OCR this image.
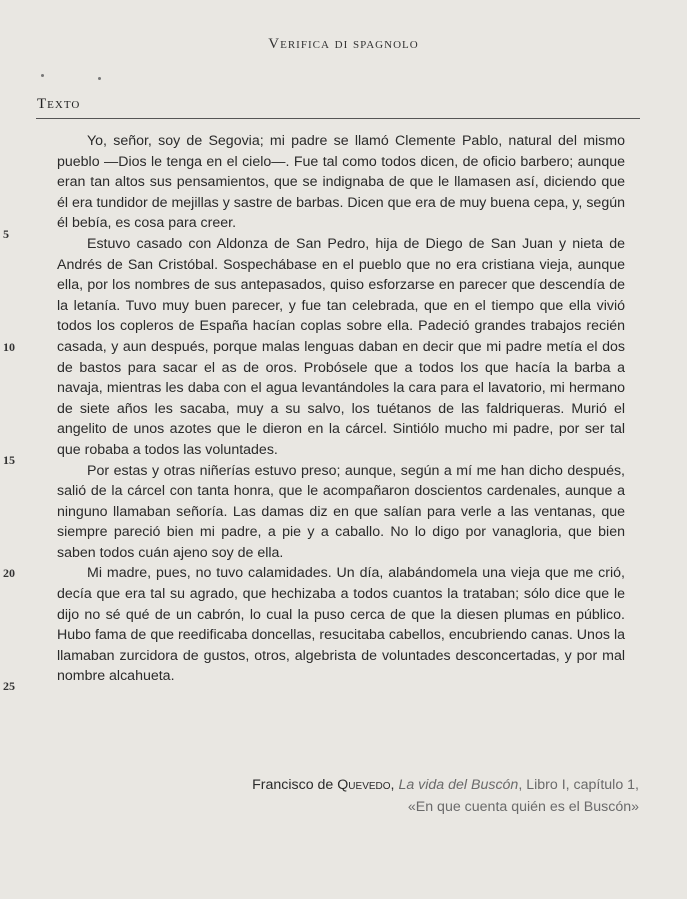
Verifica di spagnolo
Texto
5
10
15
20
25

Yo, señor, soy de Segovia; mi padre se llamó Clemente Pablo, natural del mismo pueblo —Dios le tenga en el cielo—. Fue tal como todos dicen, de oficio barbero; aunque eran tan altos sus pensamientos, que se indignaba de que le llamasen así, diciendo que él era tundidor de mejillas y sastre de barbas. Dicen que era de muy buena cepa, y, según él bebía, es cosa para creer.

Estuvo casado con Aldonza de San Pedro, hija de Diego de San Juan y nieta de Andrés de San Cristóbal. Sospechábase en el pueblo que no era cristiana vieja, aunque ella, por los nombres de sus antepasados, quiso esforzarse en parecer que descendía de la letanía. Tuvo muy buen parecer, y fue tan celebrada, que en el tiempo que ella vivió todos los copleros de España hacían coplas sobre ella. Padeció grandes trabajos recién casada, y aun después, porque malas lenguas daban en decir que mi padre metía el dos de bastos para sacar el as de oros. Probósele que a todos los que hacía la barba a navaja, mientras les daba con el agua levantándoles la cara para el lavatorio, mi hermano de siete años les sacaba, muy a su salvo, los tuétanos de las faldriqueras. Murió el angelito de unos azotes que le dieron en la cárcel. Sintiólo mucho mi padre, por ser tal que robaba a todos las voluntades.

Por estas y otras niñerías estuvo preso; aunque, según a mí me han dicho después, salió de la cárcel con tanta honra, que le acompañaron doscientos cardenales, aunque a ninguno llamaban señoría. Las damas diz en que salían para verle a las ventanas, que siempre pareció bien mi padre, a pie y a caballo. No lo digo por vanagloria, que bien saben todos cuán ajeno soy de ella.

Mi madre, pues, no tuvo calamidades. Un día, alabándomela una vieja que me crió, decía que era tal su agrado, que hechizaba a todos cuantos la trataban; sólo dice que le dijo no sé qué de un cabrón, lo cual la puso cerca de que la diesen plumas en público. Hubo fama de que reedificaba doncellas, resucitaba cabellos, encubriendo canas. Unos la llamaban zurcidora de gustos, otros, algebrista de voluntades desconcertadas, y por mal nombre alcahueta.

Francisco de Quevedo, La vida del Buscón, Libro I, capítulo 1,
«En que cuenta quién es el Buscón»
